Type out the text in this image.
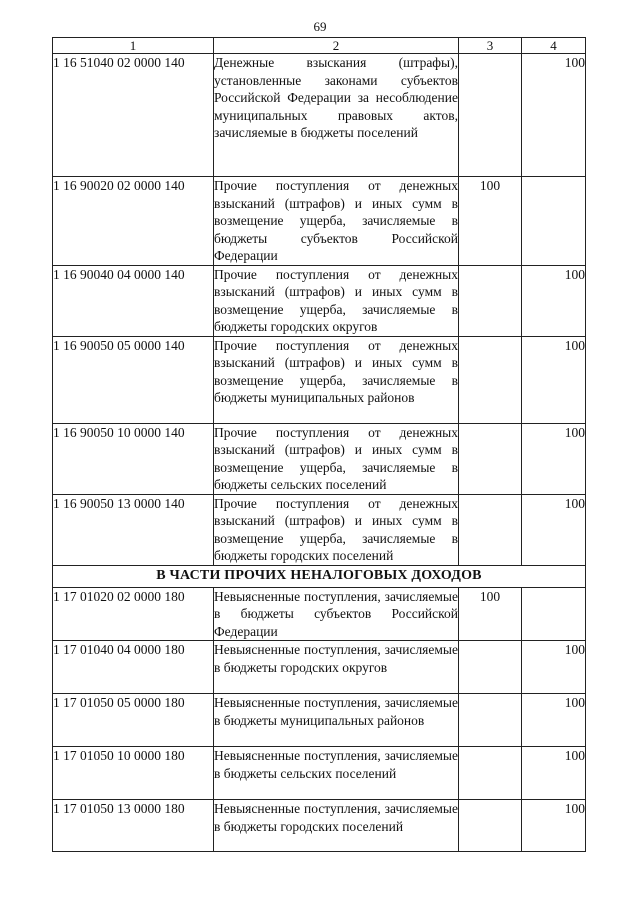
69
1	2	3	4
1 16 51040 02 0000 140	Денежные взыскания (штрафы), установленные законами субъектов Российской Федерации за несоблюдение муниципальных правовых актов, зачисляемые в бюджеты поселений		100
1 16 90020 02 0000 140	Прочие поступления от денежных взысканий (штрафов) и иных сумм в возмещение ущерба, зачисляемые в бюджеты субъектов Российской Федерации	100	
1 16 90040 04 0000 140	Прочие поступления от денежных взысканий (штрафов) и иных сумм в возмещение ущерба, зачисляемые в бюджеты городских округов		100
1 16 90050 05 0000 140	Прочие поступления от денежных взысканий (штрафов) и иных сумм в возмещение ущерба, зачисляемые в бюджеты муниципальных районов		100
1 16 90050 10 0000 140	Прочие поступления от денежных взысканий (штрафов) и иных сумм в возмещение ущерба, зачисляемые в бюджеты сельских поселений		100
1 16 90050 13 0000 140	Прочие поступления от денежных взысканий (штрафов) и иных сумм в возмещение ущерба, зачисляемые в бюджеты городских поселений		100
В ЧАСТИ ПРОЧИХ НЕНАЛОГОВЫХ ДОХОДОВ			
1 17 01020 02 0000 180	Невыясненные поступления, зачисляемые в бюджеты субъектов Российской Федерации	100	
1 17 01040 04 0000 180	Невыясненные поступления, зачисляемые в бюджеты городских округов		100
1 17 01050 05 0000 180	Невыясненные поступления, зачисляемые в бюджеты муниципальных районов		100
1 17 01050 10 0000 180	Невыясненные поступления, зачисляемые в бюджеты сельских поселений		100
1 17 01050 13 0000 180	Невыясненные поступления, зачисляемые в бюджеты городских поселений		100
